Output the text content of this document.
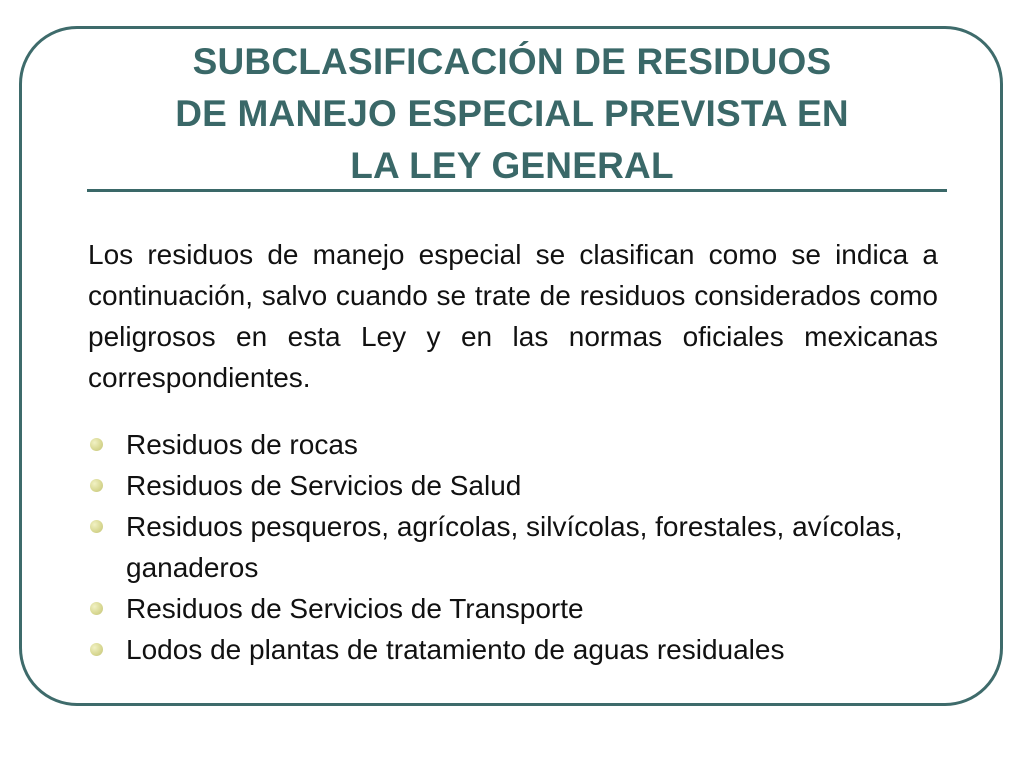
SUBCLASIFICACIÓN DE RESIDUOS
DE MANEJO ESPECIAL PREVISTA EN
LA LEY GENERAL

Los residuos de manejo especial se clasifican como se indica a continuación, salvo cuando se trate de residuos considerados como peligrosos en esta Ley y en las normas oficiales mexicanas correspondientes.

Residuos de rocas
Residuos de Servicios de Salud
Residuos pesqueros, agrícolas, silvícolas, forestales, avícolas, ganaderos
Residuos de Servicios de Transporte
Lodos de plantas de tratamiento de aguas residuales
